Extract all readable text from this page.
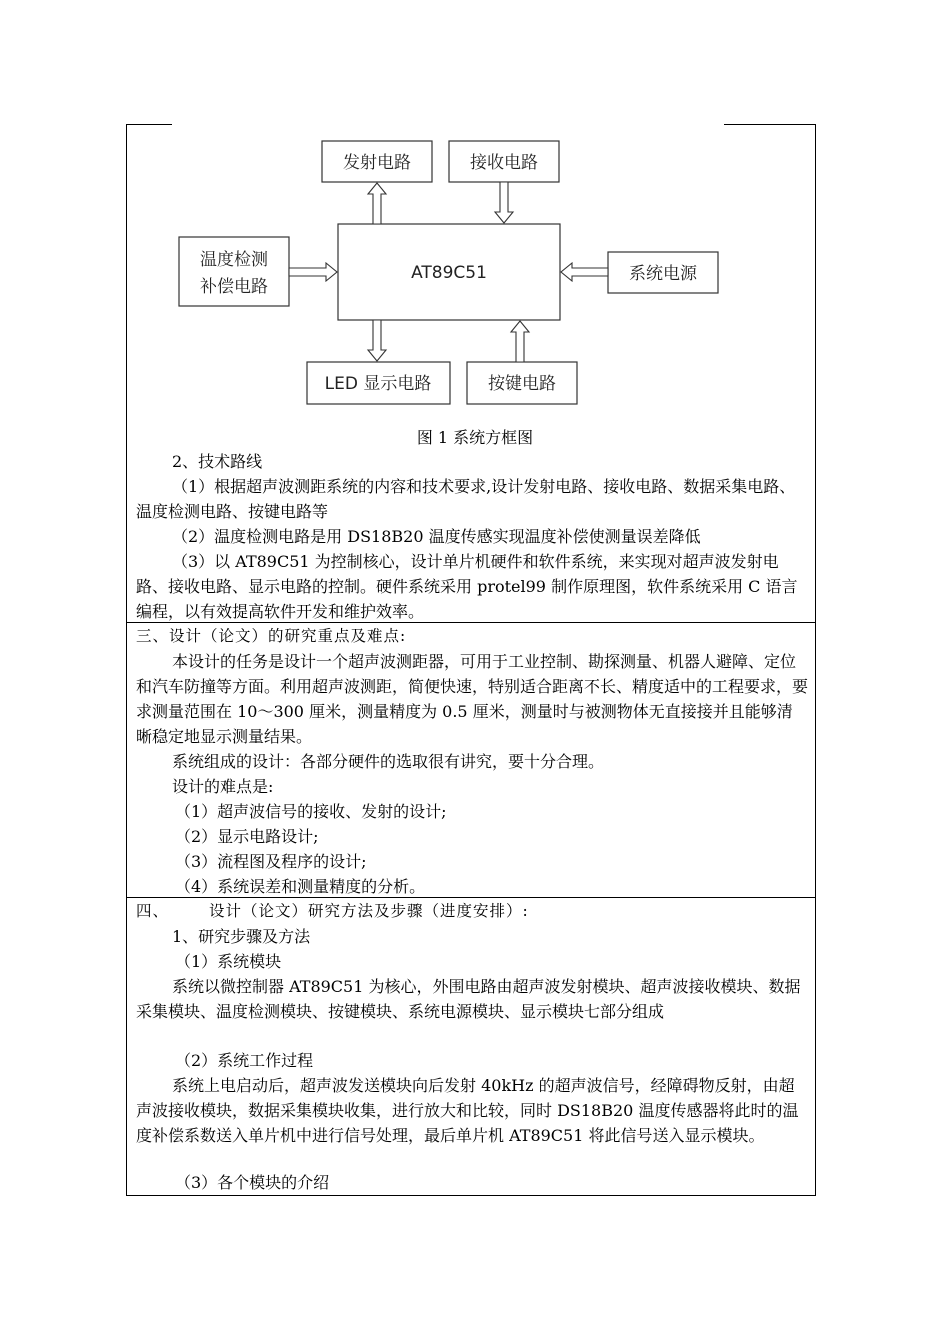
AT89C51
发射电路	接收电路
温度检测
补偿电路
系统电源
LED 显示电路	按键电路
图 1 系统方框图
2、技术路线
（1）根据超声波测距系统的内容和技术要求,设计发射电路、接收电路、数据采集电路、温度检测电路、按键电路等
（2）温度检测电路是用 DS18B20 温度传感实现温度补偿使测量误差降低
（3）以 AT89C51 为控制核心，设计单片机硬件和软件系统，来实现对超声波发射电路、接收电路、显示电路的控制。硬件系统采用 protel99 制作原理图，软件系统采用 C 语言编程，以有效提高软件开发和维护效率。
三、设计（论文）的研究重点及难点:
本设计的任务是设计一个超声波测距器，可用于工业控制、勘探测量、机器人避障、定位和汽车防撞等方面。利用超声波测距，简便快速，特别适合距离不长、精度适中的工程要求，要求测量范围在 10～300 厘米，测量精度为 0.5 厘米，测量时与被测物体无直接接并且能够清晰稳定地显示测量结果。
系统组成的设计：各部分硬件的选取很有讲究，要十分合理。
设计的难点是:
（1）超声波信号的接收、发射的设计;
（2）显示电路设计;
（3）流程图及程序的设计;
（4）系统误差和测量精度的分析。
四、	设计（论文）研究方法及步骤（进度安排）:
1、研究步骤及方法
（1）系统模块
系统以微控制器 AT89C51 为核心，外围电路由超声波发射模块、超声波接收模块、数据采集模块、温度检测模块、按键模块、系统电源模块、显示模块七部分组成
（2）系统工作过程
系统上电启动后，超声波发送模块向后发射 40kHz 的超声波信号，经障碍物反射，由超声波接收模块，数据采集模块收集，进行放大和比较，同时 DS18B20 温度传感器将此时的温度补偿系数送入单片机中进行信号处理，最后单片机 AT89C51 将此信号送入显示模块。
（3）各个模块的介绍
